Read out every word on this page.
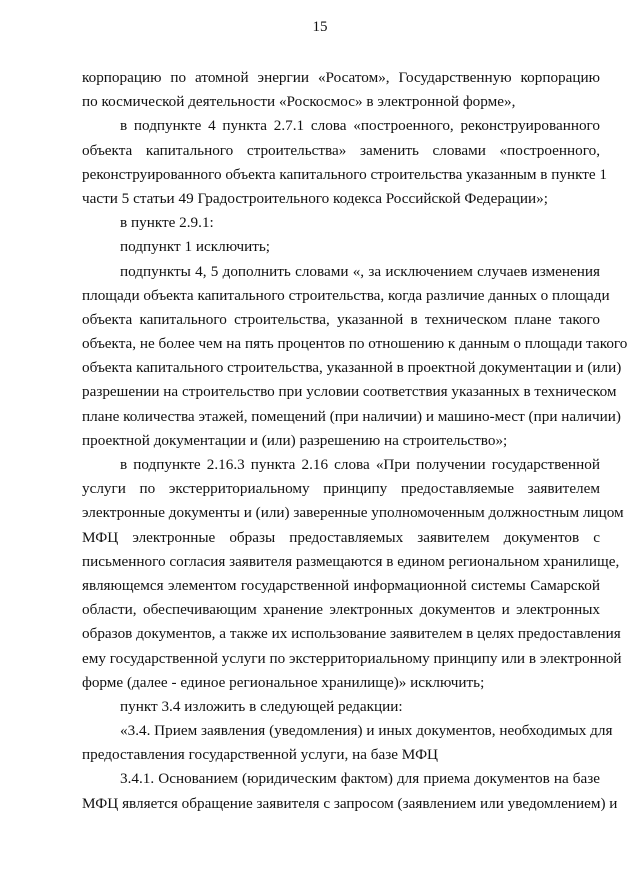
15
корпорацию по атомной энергии «Росатом», Государственную корпорацию
по космической деятельности «Роскосмос» в электронной форме»,
в подпункте 4 пункта 2.7.1 слова «построенного, реконструированного
объекта капитального строительства» заменить словами «построенного,
реконструированного объекта капитального строительства указанным в пункте 1
части 5 статьи 49 Градостроительного кодекса Российской Федерации»;
в пункте 2.9.1:
подпункт 1 исключить;
подпункты 4, 5 дополнить словами «, за исключением случаев изменения
площади объекта капитального строительства, когда различие данных о площади
объекта капитального строительства, указанной в техническом плане такого
объекта, не более чем на пять процентов по отношению к данным о площади такого
объекта капитального строительства, указанной в проектной документации и (или)
разрешении на строительство при условии соответствия указанных в техническом
плане количества этажей, помещений (при наличии) и машино-мест (при наличии)
проектной документации и (или) разрешению на строительство»;
в подпункте 2.16.3 пункта 2.16 слова «При получении государственной
услуги по экстерриториальному принципу предоставляемые заявителем
электронные документы и (или) заверенные уполномоченным должностным лицом
МФЦ электронные образы предоставляемых заявителем документов с
письменного согласия заявителя размещаются в едином региональном хранилище,
являющемся элементом государственной информационной системы Самарской
области, обеспечивающим хранение электронных документов и электронных
образов документов, а также их использование заявителем в целях предоставления
ему государственной услуги по экстерриториальному принципу или в электронной
форме (далее - единое региональное хранилище)» исключить;
пункт 3.4 изложить в следующей редакции:
«3.4. Прием заявления (уведомления) и иных документов, необходимых для
предоставления государственной услуги, на базе МФЦ
3.4.1. Основанием (юридическим фактом) для приема документов на базе
МФЦ является обращение заявителя с запросом (заявлением или уведомлением) и
